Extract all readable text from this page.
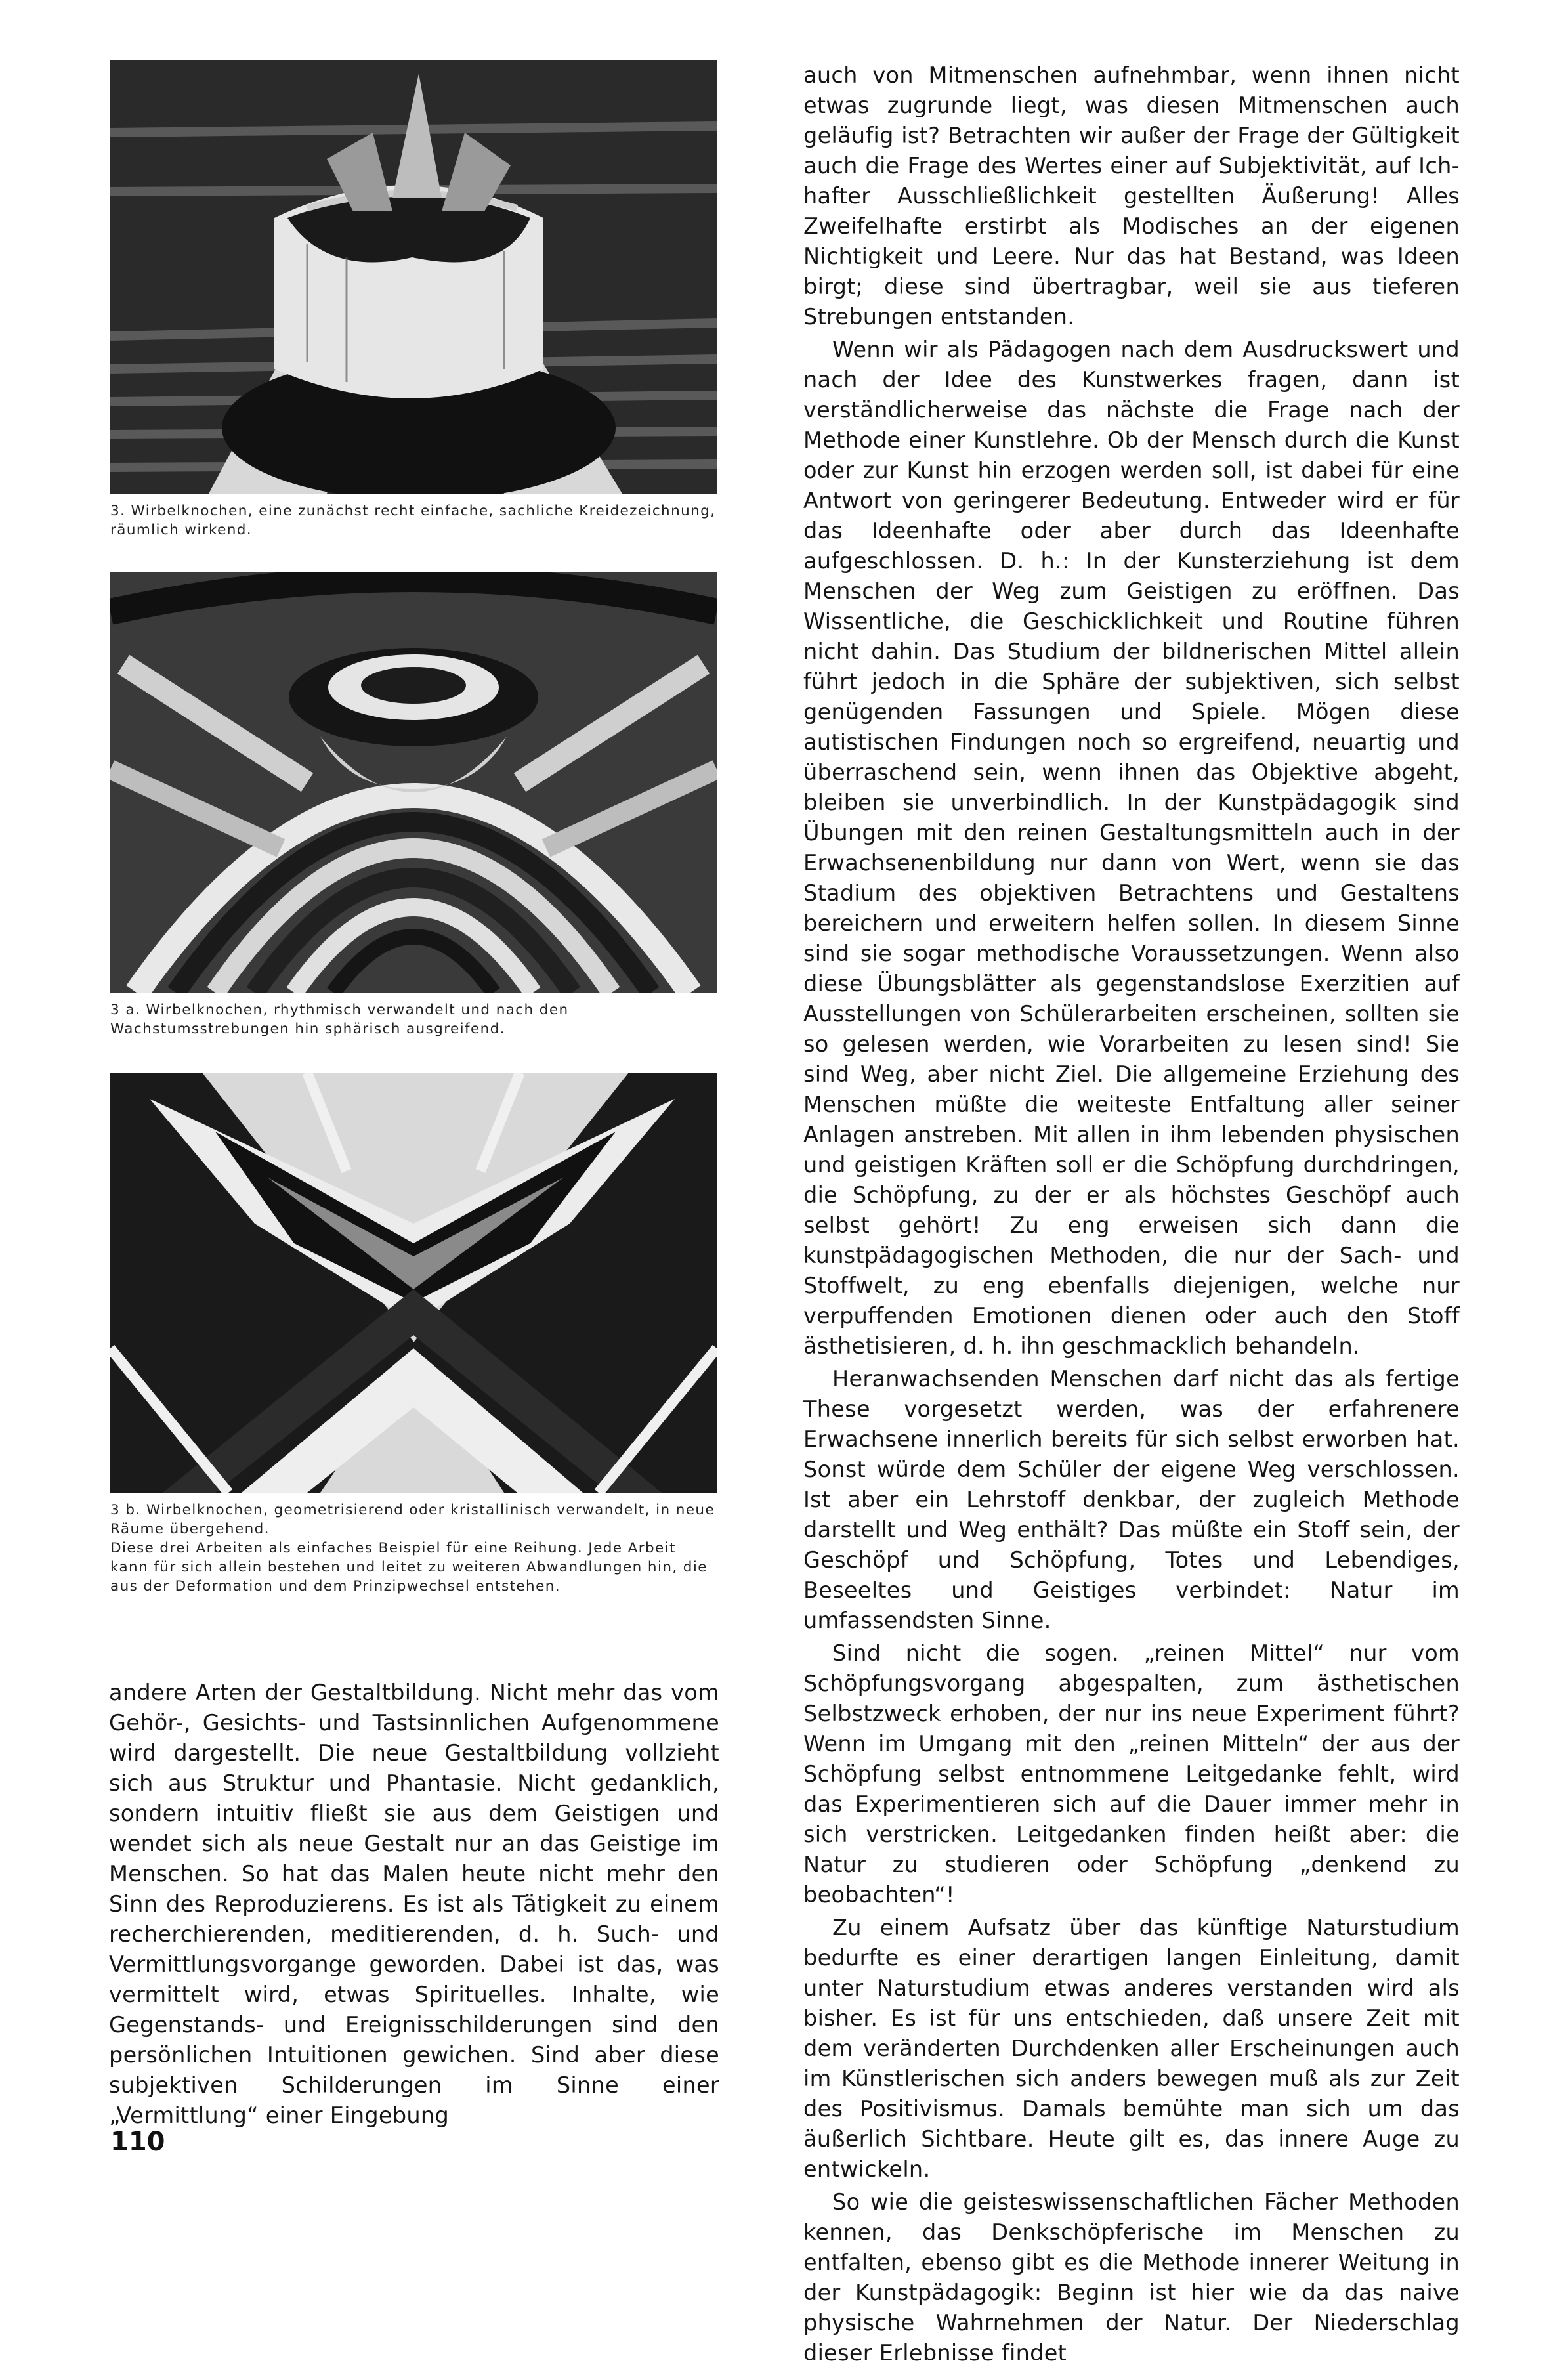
3. Wirbelknochen, eine zunächst recht einfache, sachliche Kreidezeichnung, räumlich wirkend.

3 a. Wirbelknochen, rhythmisch verwandelt und nach den Wachstumsstrebungen hin sphärisch ausgreifend.

3 b. Wirbelknochen, geometrisierend oder kristallinisch verwandelt, in neue Räume übergehend.

Diese drei Arbeiten als einfaches Beispiel für eine Reihung. Jede Arbeit kann für sich allein bestehen und leitet zu weiteren Abwandlungen hin, die aus der Deformation und dem Prinzipwechsel entstehen.

andere Arten der Gestaltbildung. Nicht mehr das vom Gehör-, Gesichts- und Tastsinnlichen Aufgenommene wird dargestellt. Die neue Gestaltbildung vollzieht sich aus Struktur und Phantasie. Nicht gedanklich, sondern intuitiv fließt sie aus dem Geistigen und wendet sich als neue Gestalt nur an das Geistige im Menschen. So hat das Malen heute nicht mehr den Sinn des Reproduzierens. Es ist als Tätigkeit zu einem recherchierenden, meditierenden, d. h. Such- und Vermittlungsvorgange geworden. Dabei ist das, was vermittelt wird, etwas Spirituelles. Inhalte, wie Gegenstands- und Ereignisschilderungen sind den persönlichen Intuitionen gewichen. Sind aber diese subjektiven Schilderungen im Sinne einer „Vermittlung“ einer Eingebung

auch von Mitmenschen aufnehmbar, wenn ihnen nicht etwas zugrunde liegt, was diesen Mitmenschen auch geläufig ist? Betrachten wir außer der Frage der Gültigkeit auch die Frage des Wertes einer auf Subjektivität, auf Ich-hafter Ausschließlichkeit gestellten Äußerung! Alles Zweifelhafte erstirbt als Modisches an der eigenen Nichtigkeit und Leere. Nur das hat Bestand, was Ideen birgt; diese sind übertragbar, weil sie aus tieferen Strebungen entstanden.

Wenn wir als Pädagogen nach dem Ausdruckswert und nach der Idee des Kunstwerkes fragen, dann ist verständlicherweise das nächste die Frage nach der Methode einer Kunstlehre. Ob der Mensch durch die Kunst oder zur Kunst hin erzogen werden soll, ist dabei für eine Antwort von geringerer Bedeutung. Entweder wird er für das Ideenhafte oder aber durch das Ideenhafte aufgeschlossen. D. h.: In der Kunsterziehung ist dem Menschen der Weg zum Geistigen zu eröffnen. Das Wissentliche, die Geschicklichkeit und Routine führen nicht dahin. Das Studium der bildnerischen Mittel allein führt jedoch in die Sphäre der subjektiven, sich selbst genügenden Fassungen und Spiele. Mögen diese autistischen Findungen noch so ergreifend, neuartig und überraschend sein, wenn ihnen das Objektive abgeht, bleiben sie unverbindlich. In der Kunstpädagogik sind Übungen mit den reinen Gestaltungsmitteln auch in der Erwachsenenbildung nur dann von Wert, wenn sie das Stadium des objektiven Betrachtens und Gestaltens bereichern und erweitern helfen sollen. In diesem Sinne sind sie sogar methodische Voraussetzungen. Wenn also diese Übungsblätter als gegenstandslose Exerzitien auf Ausstellungen von Schülerarbeiten erscheinen, sollten sie so gelesen werden, wie Vorarbeiten zu lesen sind! Sie sind Weg, aber nicht Ziel. Die allgemeine Erziehung des Menschen müßte die weiteste Entfaltung aller seiner Anlagen anstreben. Mit allen in ihm lebenden physischen und geistigen Kräften soll er die Schöpfung durchdringen, die Schöpfung, zu der er als höchstes Geschöpf auch selbst gehört! Zu eng erweisen sich dann die kunstpädagogischen Methoden, die nur der Sach- und Stoffwelt, zu eng ebenfalls diejenigen, welche nur verpuffenden Emotionen dienen oder auch den Stoff ästhetisieren, d. h. ihn geschmacklich behandeln.

Heranwachsenden Menschen darf nicht das als fertige These vorgesetzt werden, was der erfahrenere Erwachsene innerlich bereits für sich selbst erworben hat. Sonst würde dem Schüler der eigene Weg verschlossen. Ist aber ein Lehrstoff denkbar, der zugleich Methode darstellt und Weg enthält? Das müßte ein Stoff sein, der Geschöpf und Schöpfung, Totes und Lebendiges, Beseeltes und Geistiges verbindet: Natur im umfassendsten Sinne.

Sind nicht die sogen. „reinen Mittel“ nur vom Schöpfungsvorgang abgespalten, zum ästhetischen Selbstzweck erhoben, der nur ins neue Experiment führt? Wenn im Umgang mit den „reinen Mitteln“ der aus der Schöpfung selbst entnommene Leitgedanke fehlt, wird das Experimentieren sich auf die Dauer immer mehr in sich verstricken. Leitgedanken finden heißt aber: die Natur zu studieren oder Schöpfung „denkend zu beobachten“!

Zu einem Aufsatz über das künftige Naturstudium bedurfte es einer derartigen langen Einleitung, damit unter Naturstudium etwas anderes verstanden wird als bisher. Es ist für uns entschieden, daß unsere Zeit mit dem veränderten Durchdenken aller Erscheinungen auch im Künstlerischen sich anders bewegen muß als zur Zeit des Positivismus. Damals bemühte man sich um das äußerlich Sichtbare. Heute gilt es, das innere Auge zu entwickeln.

So wie die geisteswissenschaftlichen Fächer Methoden kennen, das Denkschöpferische im Menschen zu entfalten, ebenso gibt es die Methode innerer Weitung in der Kunstpädagogik: Beginn ist hier wie da das naive physische Wahrnehmen der Natur. Der Niederschlag dieser Erlebnisse findet

110
